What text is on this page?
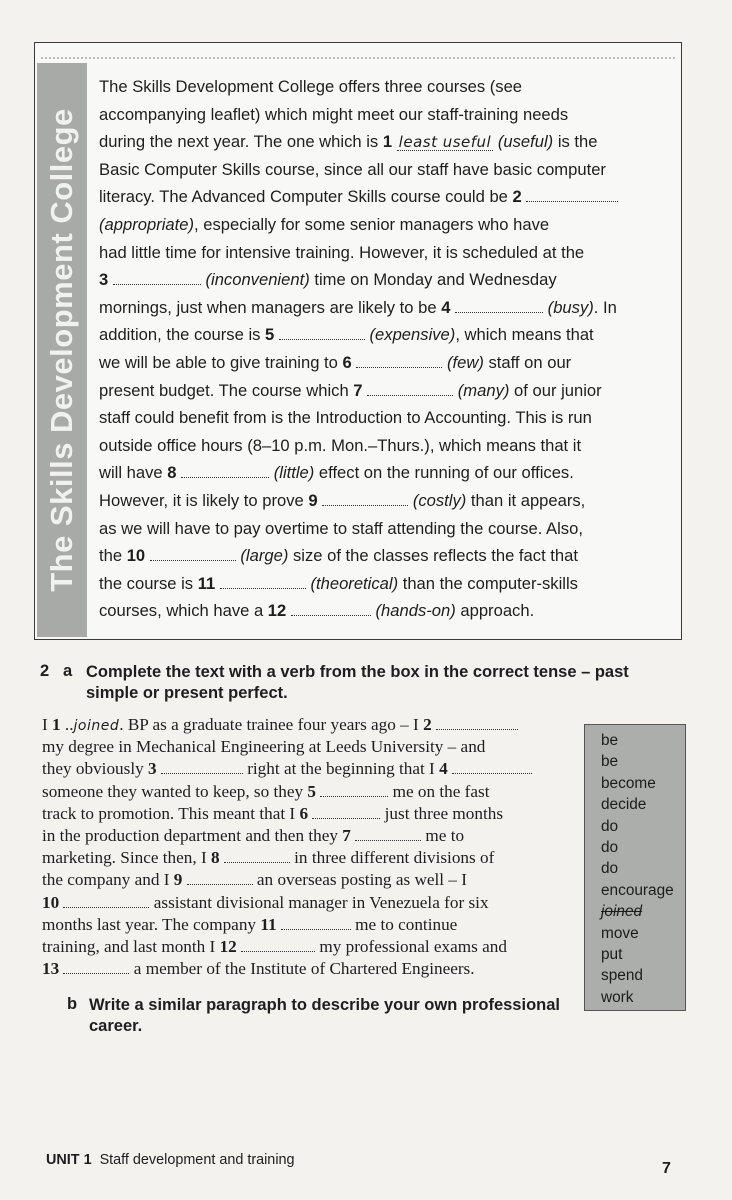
The Skills Development College
The Skills Development College offers three courses (see
accompanying leaflet) which might meet our staff-training needs
during the next year. The one which is 1 least useful (useful) is the
Basic Computer Skills course, since all our staff have basic computer
literacy. The Advanced Computer Skills course could be 2
(appropriate), especially for some senior managers who have
had little time for intensive training. However, it is scheduled at the
3	(inconvenient) time on Monday and Wednesday
mornings, just when managers are likely to be 4	(busy). In
addition, the course is 5	(expensive), which means that
we will be able to give training to 6	(few) staff on our
present budget. The course which 7	(many) of our junior
staff could benefit from is the Introduction to Accounting. This is run
outside office hours (8–10 p.m. Mon.–Thurs.), which means that it
will have 8	(little) effect on the running of our offices.
However, it is likely to prove 9	(costly) than it appears,
as we will have to pay overtime to staff attending the course. Also,
the 10	(large) size of the classes reflects the fact that
the course is 11	(theoretical) than the computer-skills
courses, which have a 12	(hands-on) approach.
2 a Complete the text with a verb from the box in the correct tense – past simple or present perfect.
I 1 ..joined. BP as a graduate trainee four years ago – I 2
my degree in Mechanical Engineering at Leeds University – and
they obviously 3	right at the beginning that I 4
someone they wanted to keep, so they 5	me on the fast
track to promotion. This meant that I 6	just three months
in the production department and then they 7	me to
marketing. Since then, I 8	in three different divisions of
the company and I 9	an overseas posting as well – I
10	assistant divisional manager in Venezuela for six
months last year. The company 11	me to continue
training, and last month I 12	my professional exams and
13	a member of the Institute of Chartered Engineers.
be
be
become
decide
do
do
do
encourage
joined
move
put
spend
work
b Write a similar paragraph to describe your own professional career.
UNIT 1 Staff development and training	7
